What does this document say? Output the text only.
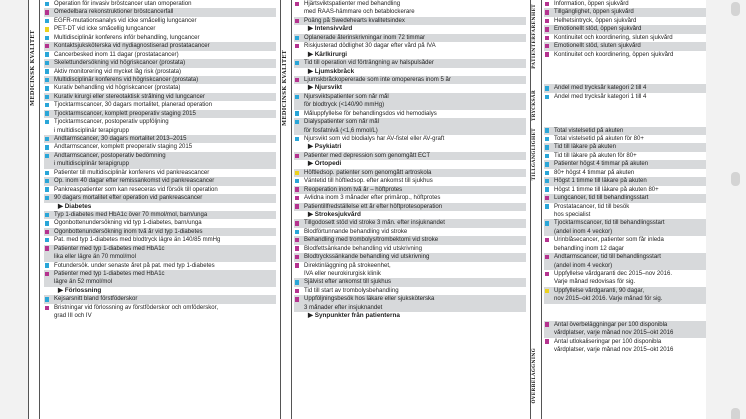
MEDICINSK KVALITET
Operation för invasiv bröstcancer utan omoperation
Omedelbara rekonstruktioner bröstcancerfall
EGFR-mutationsanalys vid icke småcellig lungcancer
PET-DT vid icke småcellig lungcancer
Multidisciplinär konferens inför behandling, lungcancer
Kontaktsjuksköterska vid nydiagnostiserad prostatacancer
Cancerbesked inom 11 dagar (prostatacancer)
Skelettundersökning vid högriskcancer (prostata)
Aktiv monitorering vid mycket låg risk (prostata)
Multidisciplinär konferens vid högriskcancer (prostata)
Kurativ behandling vid högriskcancer (prostata)
Kurativ kirurgi eller stereotaktisk strålning vid lungcancer
Tjocktarmscancer, 30 dagars mortalitet, planerad operation
Tjocktarmscancer, komplett preoperativ staging 2015
Tjocktarmscancer, postoperativ uppföljning
i multidisciplinär terapigrupp
Ändtarmscancer, 30 dagars mortalitet 2013–2015
Ändtarmscancer, komplett preoperativ staging 2015
Ändtarmscancer, postoperativ bedömning
i multidisciplinär terapigrupp
Patienter till multidisciplinär konferens vid pankreascancer
Op. inom 40 dagar efter remissankomst vid pankreascancer
Pankreaspatienter som kan reseceras vid försök till operation
90 dagars mortalitet efter operation vid pankreascancer
▶ Diabetes
Typ 1-diabetes med HbA1c över 70 mmol/mol, barn/unga
Ögonbottenundersökning vid typ 1-diabetes, barn/unga
Ögonbottenundersökning inom två år vid typ 1-diabetes
Pat. med typ 1-diabetes med blodtryck lägre än 140/85 mmHg
Patienter med typ 1-diabetes med HbA1c
lika eller lägre än 70 mmol/mol
Fotundersök. under senaste året på pat. med typ 1-diabetes
Patienter med typ 1-diabetes med HbA1c
lägre än 52 mmol/mol
▶ Förlossning
Kejsarsnitt bland förstföderskor
Bristningar vid förlossning av förstföderskor och omföderskor,
grad III och IV
MEDICINSK KVALITET
Hjärtsviktspatienter med behandling
med RAAS-hämmare och betablockerare
Poäng på Swedehearts kvalitetsindex
▶ Intensivvård
Oplanerade återinskrivningar inom 72 timmar
Riskjusterad dödlighet 30 dagar efter vård på IVA
▶ Kärlkirurgi
Tid till operation vid förträngning av halspulsåder
▶ Ljumskbråck
Ljumskbråckopererade som inte omopereras inom 5 år
▶ Njursvikt
Njursviktspatienter som når mål
för blodtryck (<140/90 mmHg)
Måluppfyllelse för behandlingsdos vid hemodialys
Dialyspatienter som når mål
för fosfatnivå (<1,6 mmol/L)
Njursvikt som vid blodialys har AV-fistel eller AV-graft
▶ Psykiatri
Patienter med depression som genomgått ECT
▶ Ortopedi
Höftledsop. patienter som genomgått artroskola
Väntetid till höftledsop. efter ankomst till sjukhus
Reoperation inom två år – höftprotes
Avlidna inom 3 månader efter primärop., höftprotes
Patientillfredställelse ett år efter höftprotesoperation
▶ Strokesjukvård
Tillgodosett stöd vid stroke 3 mån. efter insjuknandet
Blodförtunnande behandling vid stroke
Behandling med trombolys/trombektomi vid stroke
Blodfettsänkande behandling vid utskrivning
Blodtryckssänkande behandling vid utskrivning
Direktinläggning på strokeenhet,
IVA eller neurokirurgisk klinik
Självist efter ankomst till sjukhus
Tid till start av trombolysbehandling
Uppföljningsbesök hos läkare eller sjuksköterska
3 månader efter insjuknandet
▶ Synpunkter från patienterna
PATIENTERFARENHET
TRYCKSÅR
TILLGÄNGLIGHET
ÖVERBELÄGGNING
Information, öppen sjukvård
Tillgänglighet, öppen sjukvård
Helhetsintryck, öppen sjukvård
Emotionellt stöd, öppen sjukvård
Kontinuitet och koordinering, sluten sjukvård
Emotionellt stöd, sluten sjukvård
Kontinuitet och koordinering, öppen sjukvård
Andel med trycksår kategori 2 till 4
Andel med trycksår kategori 1 till 4
Total vistelsetid på akuten
Total vistelsetid på akuten för 80+
Tid till läkare på akuten
Tid till läkare på akuten för 80+
Patienter högst 4 timmar på akuten
80+ högst 4 timmar på akuten
Högst 1 timme till läkare på akuten
Högst 1 timme till läkare på akuten 80+
Lungcancer, tid till behandlingsstart
Prostatacancer, tid till besök
hos specialist
Tjocktarmscancer, tid till behandlingsstart
(andel inom 4 veckor)
Urinblåsecancer, patienter som får inleda
behandling inom 12 dagar
Ändtarmscancer, tid till behandlingsstart
(andel inom 4 veckor)
Uppfyllelse vårdgaranti dec 2015–nov 2016.
Varje månad redovisas för sig.
Uppfyllelse vårdgaranti, 90 dagar,
nov 2015–okt 2016. Varje månad för sig.
Antal överbeläggningar per 100 disponibla
vårdplatser, varje månad nov 2015–okt 2016
Antal utlokaliseringar per 100 disponibla
vårdplatser, varje månad nov 2015–okt 2016
